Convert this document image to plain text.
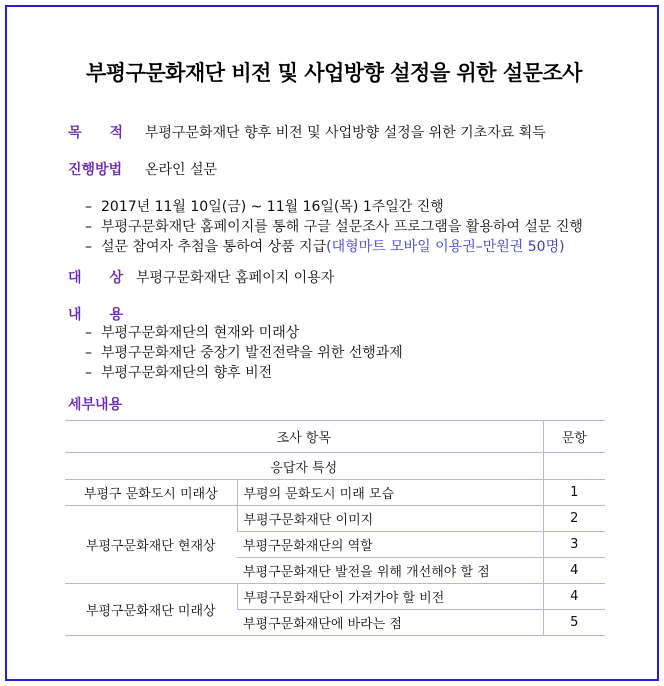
부평구문화재단 비전 및 사업방향 설정을 위한 설문조사
목 적 부평구문화재단 향후 비전 및 사업방향 설정을 위한 기초자료 획득
진행방법 온라인 설문
– 2017년 11월 10일(금) ~ 11월 16일(목) 1주일간 진행
– 부평구문화재단 홈페이지를 통해 구글 설문조사 프로그램을 활용하여 설문 진행
– 설문 참여자 추첨을 통하여 상품 지급(대형마트 모바일 이용권–만원권 50명)
대 상 부평구문화재단 홈페이지 이용자
내 용
– 부평구문화재단의 현재와 미래상
– 부평구문화재단 중장기 발전전략을 위한 선행과제
– 부평구문화재단의 향후 비전
세부내용
조사 항목		문항
응답자 특성		
부평구 문화도시 미래상	부평의 문화도시 미래 모습	1
부평구문화재단 현재상	부평구문화재단 이미지	2
	부평구문화재단의 역할	3
	부평구문화재단 발전을 위해 개선해야 할 점	4
부평구문화재단 미래상	부평구문화재단이 가져가야 할 비전	4
	부평구문화재단에 바라는 점	5
